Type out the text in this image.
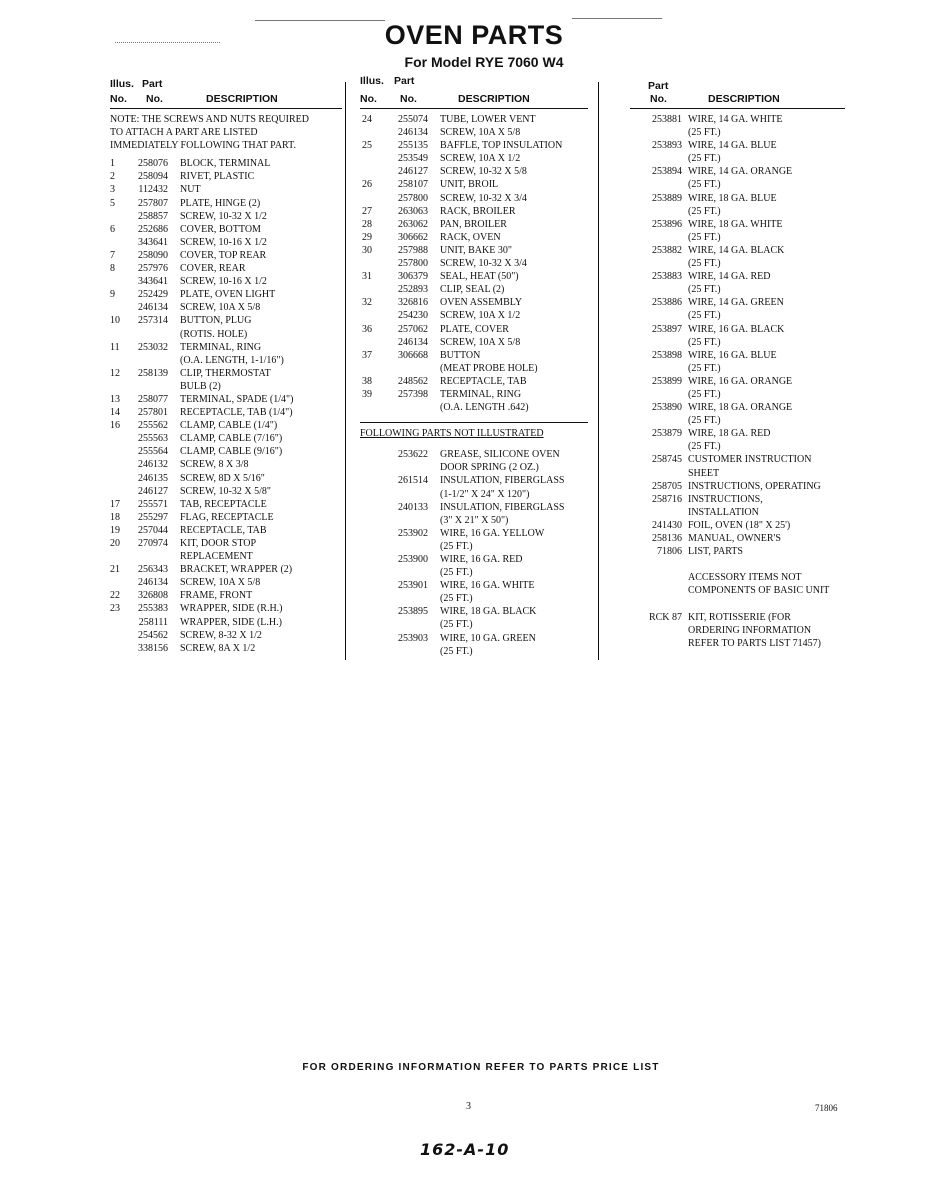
OVEN PARTS
For Model RYE 7060 W4
Illus. Part
No. No.	DESCRIPTION
NOTE: THE SCREWS AND NUTS REQUIRED
TO ATTACH A PART ARE LISTED
IMMEDIATELY FOLLOWING THAT PART.
1	258076 BLOCK, TERMINAL
2	258094 RIVET, PLASTIC
3	112432 NUT
5	257807 PLATE, HINGE (2)
258857 SCREW, 10-32 X 1/2
6	252686 COVER, BOTTOM
343641 SCREW, 10-16 X 1/2
7	258090 COVER, TOP REAR
8	257976 COVER, REAR
343641 SCREW, 10-16 X 1/2
9	252429 PLATE, OVEN LIGHT
246134 SCREW, 10A X 5/8
10	257314 BUTTON, PLUG
(ROTIS. HOLE)
11	253032 TERMINAL, RING
(O.A. LENGTH, 1-1/16")
12	258139 CLIP, THERMOSTAT
BULB (2)
13	258077 TERMINAL, SPADE (1/4")
14	257801 RECEPTACLE, TAB (1/4")
16	255562 CLAMP, CABLE (1/4")
255563 CLAMP, CABLE (7/16")
255564 CLAMP, CABLE (9/16")
246132 SCREW, 8 X 3/8
246135 SCREW, 8D X 5/16"
246127 SCREW, 10-32 X 5/8"
17	255571 TAB, RECEPTACLE
18	255297 FLAG, RECEPTACLE
19	257044 RECEPTACLE, TAB
20	270974 KIT, DOOR STOP
REPLACEMENT
21	256343 BRACKET, WRAPPER (2)
246134 SCREW, 10A X 5/8
22	326808 FRAME, FRONT
23	255383 WRAPPER, SIDE (R.H.)
258111 WRAPPER, SIDE (L.H.)
254562 SCREW, 8-32 X 1/2
338156 SCREW, 8A X 1/2
Illus. Part
No. No.	DESCRIPTION
24	255074 TUBE, LOWER VENT
246134 SCREW, 10A X 5/8
25	255135 BAFFLE, TOP INSULATION
253549 SCREW, 10A X 1/2
246127 SCREW, 10-32 X 5/8
26	258107 UNIT, BROIL
257800 SCREW, 10-32 X 3/4
27	263063 RACK, BROILER
28	263062 PAN, BROILER
29	306662 RACK, OVEN
30	257988 UNIT, BAKE 30"
257800 SCREW, 10-32 X 3/4
31	306379 SEAL, HEAT (50")
252893 CLIP, SEAL (2)
32	326816 OVEN ASSEMBLY
254230 SCREW, 10A X 1/2
36	257062 PLATE, COVER
246134 SCREW, 10A X 5/8
37	306668 BUTTON
(MEAT PROBE HOLE)
38	248562 RECEPTACLE, TAB
39	257398 TERMINAL, RING
(O.A. LENGTH .642)
FOLLOWING PARTS NOT ILLUSTRATED
253622 GREASE, SILICONE OVEN
DOOR SPRING (2 OZ.)
261514 INSULATION, FIBERGLASS
(1-1/2" X 24" X 120")
240133 INSULATION, FIBERGLASS
(3" X 21" X 50")
253902 WIRE, 16 GA. YELLOW
(25 FT.)
253900 WIRE, 16 GA. RED
(25 FT.)
253901 WIRE, 16 GA. WHITE
(25 FT.)
253895 WIRE, 18 GA. BLACK
(25 FT.)
253903 WIRE, 10 GA. GREEN
(25 FT.)
Part
No.	DESCRIPTION
253881 WIRE, 14 GA. WHITE
(25 FT.)
253893 WIRE, 14 GA. BLUE
(25 FT.)
253894 WIRE, 14 GA. ORANGE
(25 FT.)
253889 WIRE, 18 GA. BLUE
(25 FT.)
253896 WIRE, 18 GA. WHITE
(25 FT.)
253882 WIRE, 14 GA. BLACK
(25 FT.)
253883 WIRE, 14 GA. RED
(25 FT.)
253886 WIRE, 14 GA. GREEN
(25 FT.)
253897 WIRE, 16 GA. BLACK
(25 FT.)
253898 WIRE, 16 GA. BLUE
(25 FT.)
253899 WIRE, 16 GA. ORANGE
(25 FT.)
253890 WIRE, 18 GA. ORANGE
(25 FT.)
253879 WIRE, 18 GA. RED
(25 FT.)
258745 CUSTOMER INSTRUCTION
SHEET
258705 INSTRUCTIONS, OPERATING
258716 INSTRUCTIONS,
INSTALLATION
241430 FOIL, OVEN (18" X 25')
258136 MANUAL, OWNER'S
71806 LIST, PARTS
ACCESSORY ITEMS NOT
COMPONENTS OF BASIC UNIT
RCK 87 KIT, ROTISSERIE (FOR
ORDERING INFORMATION
REFER TO PARTS LIST 71457)
FOR ORDERING INFORMATION REFER TO PARTS PRICE LIST
3	71806
162-A-10
